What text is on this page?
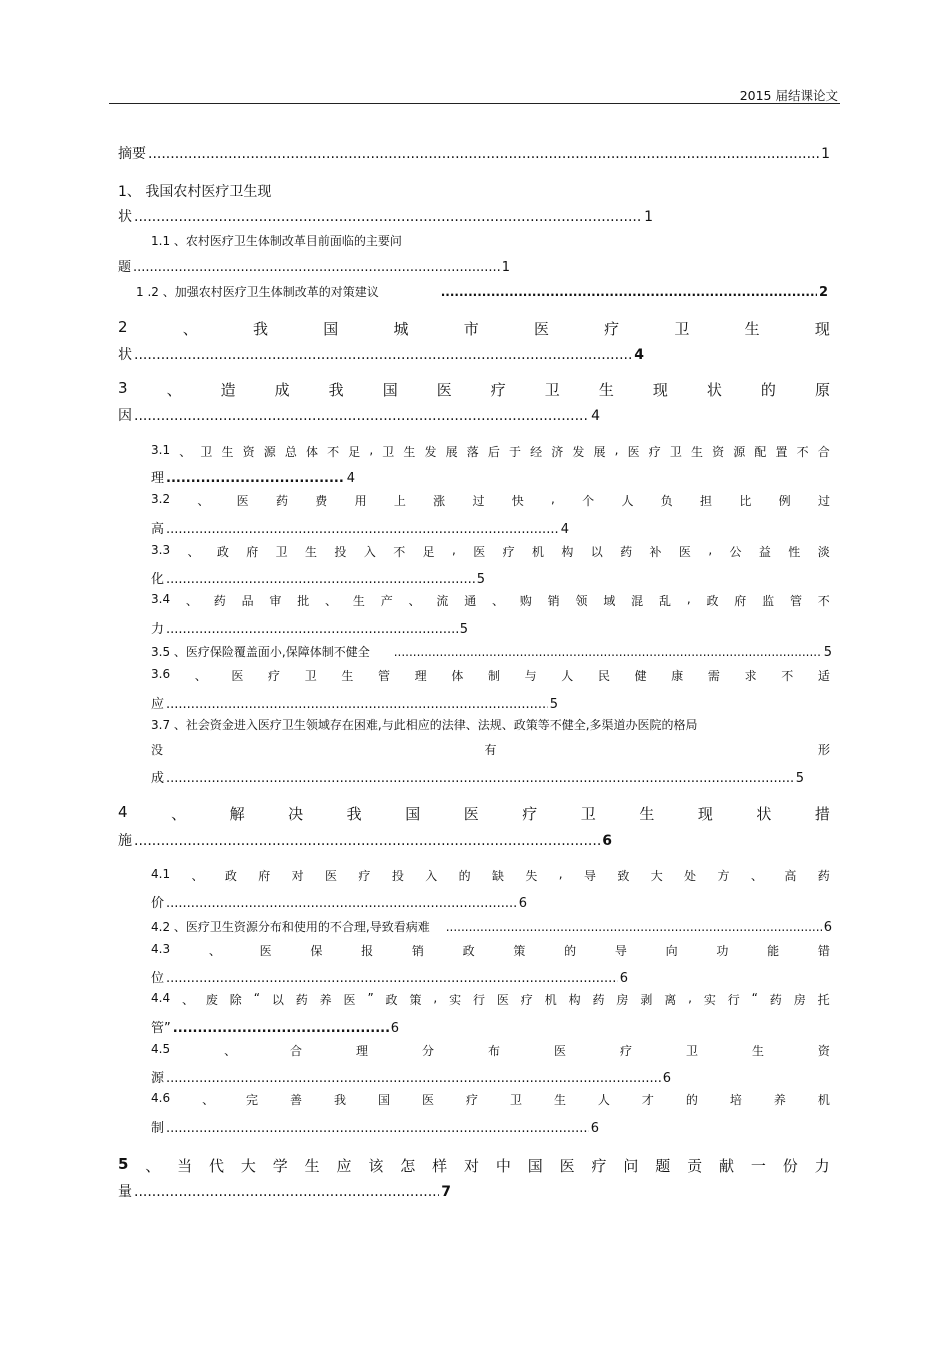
2015 届结课论文
摘要 .....	1
1、 我国农村医疗卫生现
状 .....	1
1.1 、农村医疗卫生体制改革目前面临的主要问
题 .....	1
1 .2 、加强农村医疗卫生体制改革的对策建议 .....	2
2	、	我	国	城	市	医	疗	卫	生	现
状 .....	4
3	、	造	成	我	国	医	疗	卫	生	现	状	的	原
因 .....	4
3.1 、 卫 生 资 源 总 体 不 足 , 卫 生 发 展 落 后 于 经 济 发 展 , 医 疗 卫 生 资 源 配 置 不 合
理 .....	4
3.2 、 医 药 费 用 上 涨 过 快 , 个 人 负 担 比 例 过
高 .....	4
3.3 、 政 府 卫 生 投 入 不 足 , 医 疗 机 构 以 药 补 医 , 公 益 性 淡
化 .....	5
3.4 、 药 品 审 批 、 生 产 、 流 通 、 购 销 领 域 混 乱 , 政 府 监 管 不
力 .....	5
3.5 、医疗保险覆盖面小,保障体制不健全 .....	5
3.6 、 医 疗 卫 生 管 理 体 制 与 人 民 健 康 需 求 不 适
应 .....	5
3.7 、社会资金进入医疗卫生领域存在困难,与此相应的法律、法规、政策等不健全,多渠道办医院的格局
没	有	形
成 .....	5
4	、	解	决	我	国	医	疗	卫	生	现	状	措
施 .....	6
4.1 、 政 府 对 医 疗 投 入 的 缺 失 , 导 致 大 处 方 、 高 药
价 .....	6
4.2 、医疗卫生资源分布和使用的不合理,导致看病难 .....	6
4.3	、	医	保	报	销	政	策	的	导	向	功	能	错
位 .....	6
4.4 、 废 除 “ 以 药 养 医 ” 政 策 , 实 行 医 疗 机 构 药 房 剥 离 , 实 行 “ 药 房 托
管” .....	6
4.5	、	合	理	分	布	医	疗	卫	生	资
源 .....	6
4.6	、	完	善	我	国	医	疗	卫	生	人	才	的	培	养	机
制 .....	6
5 、 当 代 大 学 生 应 该 怎 样 对 中 国 医 疗 问 题 贡 献 一 份 力
量 .....	7
